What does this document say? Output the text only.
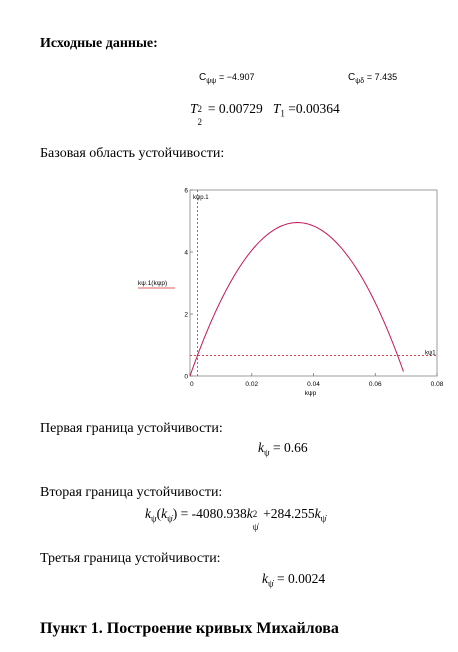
Исходные данные:
$C_{\psi\psi} = -4.907$	$C_{\psi\delta} = 7.435$
T 2
2
= 0.00729 $T_1 =0.00364$
Базовая область устойчивости:
0	0.02	0.04	0.06	0.08
0
2
4
6
kψp.1
kψ1
kψp
kψ.1(kψp)
Первая граница устойчивости:
$k_\psi = 0.66$
Вторая граница устойчивости:
$k_\psi(k_{\psi̇}) = -4080.938k$ 2
ψ̇
$+284.255k_{\psi̇}$
Третья граница устойчивости:
$k_{\psi̇} = 0.0024$
Пункт 1. Построение кривых Михайлова
